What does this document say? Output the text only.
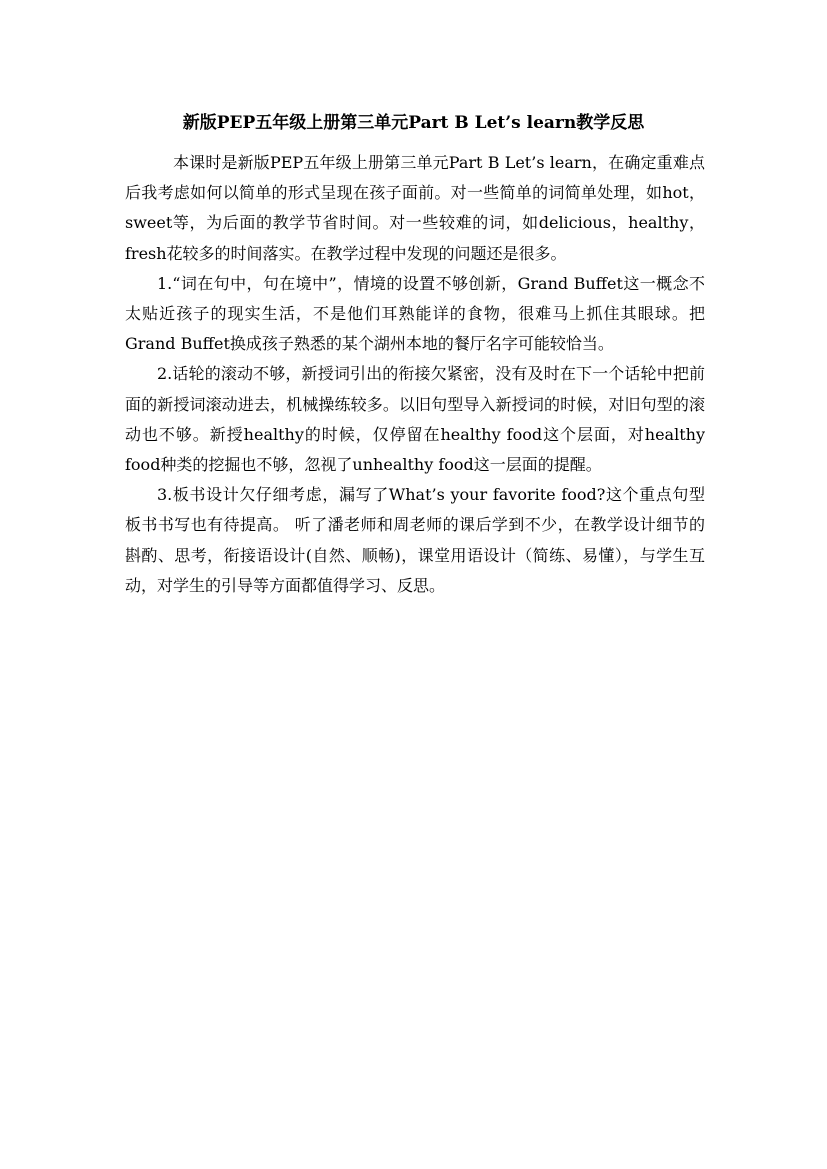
新版PEP五年级上册第三单元Part B Let’s learn教学反思

本课时是新版PEP五年级上册第三单元Part B Let’s learn，在确定重难点后我考虑如何以简单的形式呈现在孩子面前。对一些简单的词简单处理，如hot，sweet等，为后面的教学节省时间。对一些较难的词，如delicious，healthy，fresh花较多的时间落实。在教学过程中发现的问题还是很多。

1.“词在句中，句在境中”，情境的设置不够创新，Grand Buffet这一概念不太贴近孩子的现实生活，不是他们耳熟能详的食物，很难马上抓住其眼球。把Grand Buffet换成孩子熟悉的某个湖州本地的餐厅名字可能较恰当。

2.话轮的滚动不够，新授词引出的衔接欠紧密，没有及时在下一个话轮中把前面的新授词滚动进去，机械操练较多。以旧句型导入新授词的时候，对旧句型的滚动也不够。新授healthy的时候，仅停留在healthy food这个层面，对healthy food种类的挖掘也不够，忽视了unhealthy food这一层面的提醒。

3.板书设计欠仔细考虑，漏写了What’s your favorite food?这个重点句型板书书写也有待提高。 听了潘老师和周老师的课后学到不少，在教学设计细节的斟酌、思考，衔接语设计(自然、顺畅)，课堂用语设计（简练、易懂），与学生互动，对学生的引导等方面都值得学习、反思。
